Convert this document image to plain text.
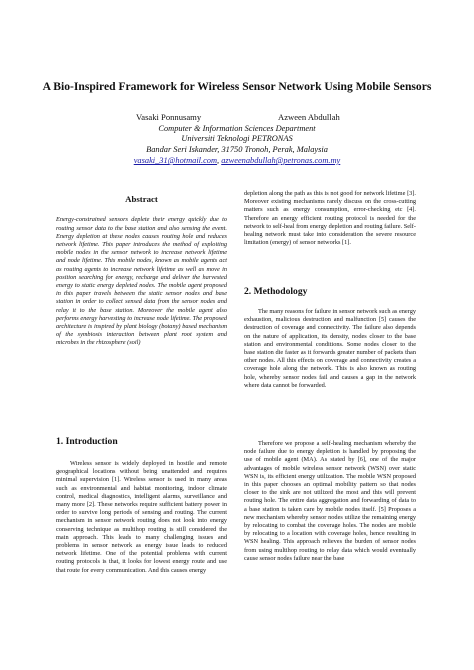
A Bio-Inspired Framework for Wireless Sensor Network Using Mobile Sensors
Vasaki Ponnusamy	Azween Abdullah
Computer & Information Sciences Department
Universiti Teknologi PETRONAS
Bandar Seri Iskander, 31750 Tronoh, Perak, Malaysia
vasaki_31@hotmail.com, azweenabdullah@petronas.com.my
Abstract

Energy-constrained sensors deplete their energy quickly due to routing sensor data to the base station and also sensing the event. Energy depletion at these nodes causes routing hole and reduces network lifetime. This paper introduces the method of exploiting mobile nodes in the sensor network to increase network lifetime and node lifetime. This mobile nodes, known as mobile agents act as routing agents to increase network lifetime as well as move in position searching for energy, recharge and deliver the harvested energy to static energy depleted nodes. The mobile agent proposed in this paper travels between the static sensor nodes and base station in order to collect sensed data from the sensor nodes and relay it to the base station. Moreover the mobile agent also performs energy harvesting to increase node lifetime. The proposed architecture is inspired by plant biology (botany) based mechanism of the symbiosis interaction between plant root system and microbes in the rhizosphere (soil)

1. Introduction

Wireless sensor is widely deployed in hostile and remote geographical locations without being unattended and requires minimal supervision [1]. Wireless sensor is used in many areas such as environmental and habitat monitoring, indoor climate control, medical diagnostics, intelligent alarms, surveillance and many more [2]. These networks require sufficient battery power in order to survive long periods of sensing and routing. The current mechanism in sensor network routing does not look into energy conserving technique as multihop routing is still considered the main approach. This leads to many challenging issues and problems in sensor network as energy issue leads to reduced network lifetime. One of the potential problems with current routing protocols is that, it looks for lowest energy route and use that route for every communication. And this causes energy

depletion along the path as this is not good for network lifetime [3]. Moreover existing mechanisms rarely discuss on the cross-cutting matters such as energy consumption, error-checking etc [4]. Therefore an energy efficient routing protocol is needed for the network to self-heal from energy depletion and routing failure. Self-healing network must take into consideration the severe resource limitation (energy) of sensor networks [1].

2. Methodology

The many reasons for failure in sensor network such as energy exhaustion, malicious destruction and malfunction [5] causes the destruction of coverage and connectivity. The failure also depends on the nature of application, its density, nodes closer to the base station and environmental conditions. Some nodes closer to the base station die faster as it forwards greater number of packets than other nodes. All this effects on coverage and connectivity creates a coverage hole along the network. This is also known as routing hole, whereby sensor nodes fail and causes a gap in the network where data cannot be forwarded.

Therefore we propose a self-healing mechanism whereby the node failure due to energy depletion is handled by proposing the use of mobile agent (MA). As stated by [6], one of the major advantages of mobile wireless sensor network (WSN) over static WSN is, its efficient energy utilization. The mobile WSN proposed in this paper chooses an optimal mobility pattern so that nodes closer to the sink are not utilized the most and this will prevent routing hole. The entire data aggregation and forwarding of data to a base station is taken care by mobile nodes itself. [5] Proposes a new mechanism whereby sensor nodes utilize the remaining energy by relocating to combat the coverage holes. The nodes are mobile by relocating to a location with coverage holes, hence resulting in WSN healing. This approach relieves the burden of sensor nodes from using multihop routing to relay data which would eventually cause sensor nodes failure near the base
